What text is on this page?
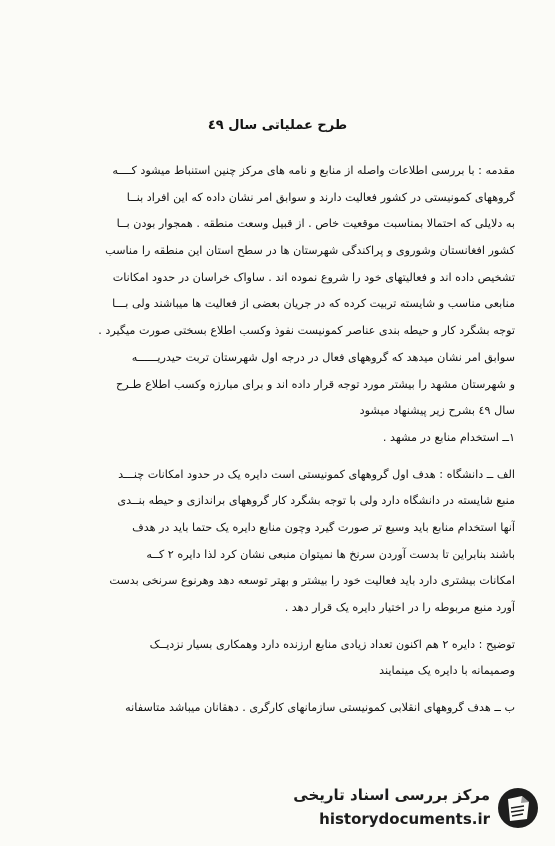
طرح عملیاتی سال ٤٩
مقدمه : با بررسی اطلاعات واصله از منابع و نامه های مرکز چنین استنباط میشود کــــه
گروههای کمونیستی در کشور فعالیت دارند و سوابق امر نشان داده که این افراد بنــا
به دلایلی که احتمالا بمناسبت موقعیت خاص . از قبیل وسعت منطقه . همجوار بودن بــا
کشور افغانستان وشوروی و پراکندگی شهرستان ها در سطح استان این منطقه را مناسب
تشخیص داده اند و فعالیتهای خود را شروع نموده اند . ساواک خراسان در حدود امکانات
منابعی مناسب و شایسته تربیت کرده که در جریان بعضی از فعالیت ها میباشند ولی بـــا
توجه بشگرد کار و حیطه بندی عناصر کمونیست نفوذ وکسب اطلاع بسختی صورت میگیرد .
سوابق امر نشان میدهد که گروههای فعال در درجه اول شهرستان تربت حیدریــــــه
و شهرستان مشهد را بیشتر مورد توجه قرار داده اند و برای مبارزه وکسب اطلاع طـرح
سال ٤٩ بشرح زیر پیشنهاد میشود
١ــ استخدام منابع در مشهد .
الف ــ دانشگاه : هدف اول گروههای کمونیستی است دایره یک در حدود امکانات چنـــد
منبع شایسته در دانشگاه دارد ولی با توجه بشگرد کار گروههای براندازی و حیطه بنــدی
آنها استخدام منابع باید وسیع تر صورت گیرد وچون منابع دایره یک حتما باید در هدف
باشند بنابراین تا بدست آوردن سرنخ ها نمیتوان منبعی نشان کرد لذا دایره ٢ کــه
امکانات بیشتری دارد باید فعالیت خود را بیشتر و بهتر توسعه دهد وهرنوع سرنخی بدست
آورد منبع مربوطه را در اختیار دایره یک قرار دهد .
توضیح : دایره ٢ هم اکنون تعداد زیادی منابع ارزنده دارد وهمکاری بسیار نزدیــک
وصمیمانه با دایره یک مینمایند
ب ــ هدف گروههای انقلابی کمونیستی سازمانهای کارگری . دهقانان میباشد متاسفانه
مرکز بررسی اسناد تاریخی
historydocuments.ir
